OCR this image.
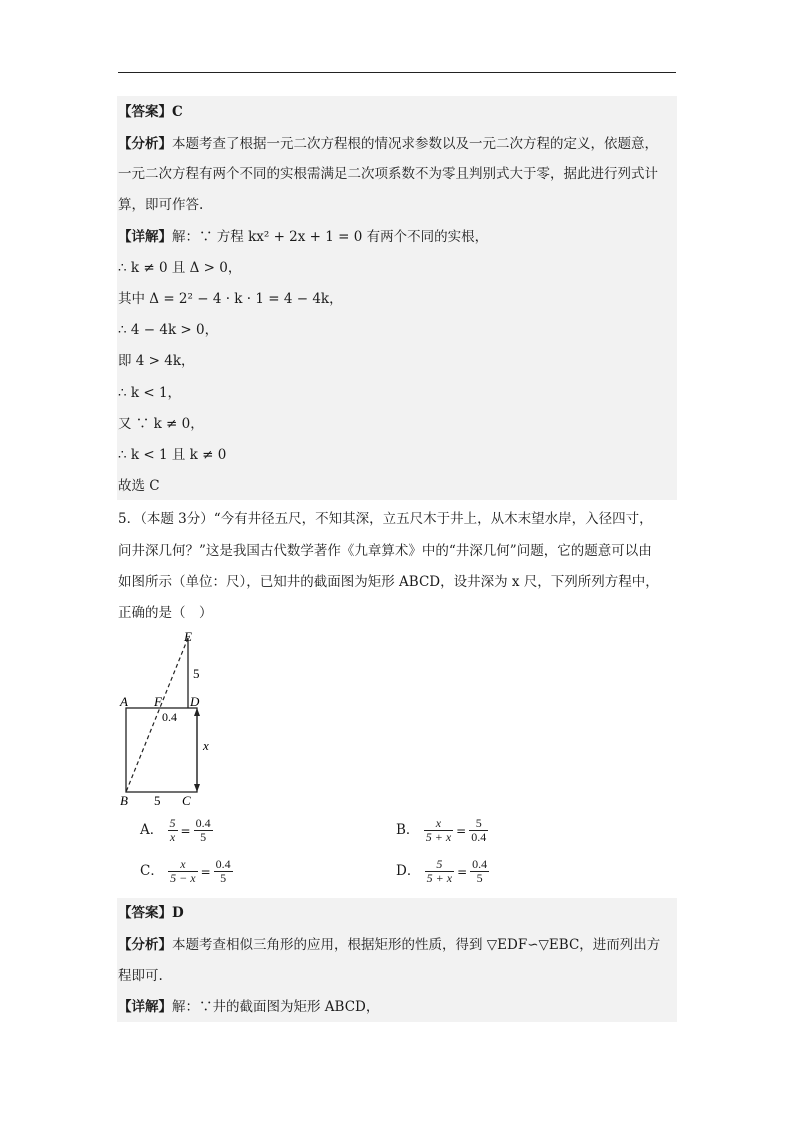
【答案】C
【分析】本题考查了根据一元二次方程根的情况求参数以及一元二次方程的定义，依题意，
一元二次方程有两个不同的实根需满足二次项系数不为零且判别式大于零，据此进行列式计
算，即可作答.
【详解】解：∵ 方程 kx² + 2x + 1 = 0 有两个不同的实根，
∴ k ≠ 0 且 Δ > 0，
其中 Δ = 2² − 4 · k · 1 = 4 − 4k，
∴ 4 − 4k > 0，
即 4 > 4k，
∴ k < 1，
又 ∵ k ≠ 0，
∴ k < 1 且 k ≠ 0
故选 C
5．（本题 3分）“今有井径五尺，不知其深，立五尺木于井上，从木末望水岸，入径四寸，
问井深几何？”这是我国古代数学著作《九章算术》中的“井深几何”问题，它的题意可以由
如图所示（单位：尺），已知井的截面图为矩形 ABCD，设井深为 x 尺，下列所列方程中，
正确的是（　）
E
5
A F D
0.4
x
B 5 C
A． $\frac{5}{x} = \frac{0.4}{5}$	B． $\frac{x}{5 + x} = \frac{5}{0.4}$
C． $\frac{x}{5 - x} = \frac{0.4}{5}$	D． $\frac{5}{5 + x} = \frac{0.4}{5}$
【答案】D
【分析】本题考查相似三角形的应用，根据矩形的性质，得到 ▽EDF∽▽EBC，进而列出方
程即可.
【详解】解：∵井的截面图为矩形 ABCD，
